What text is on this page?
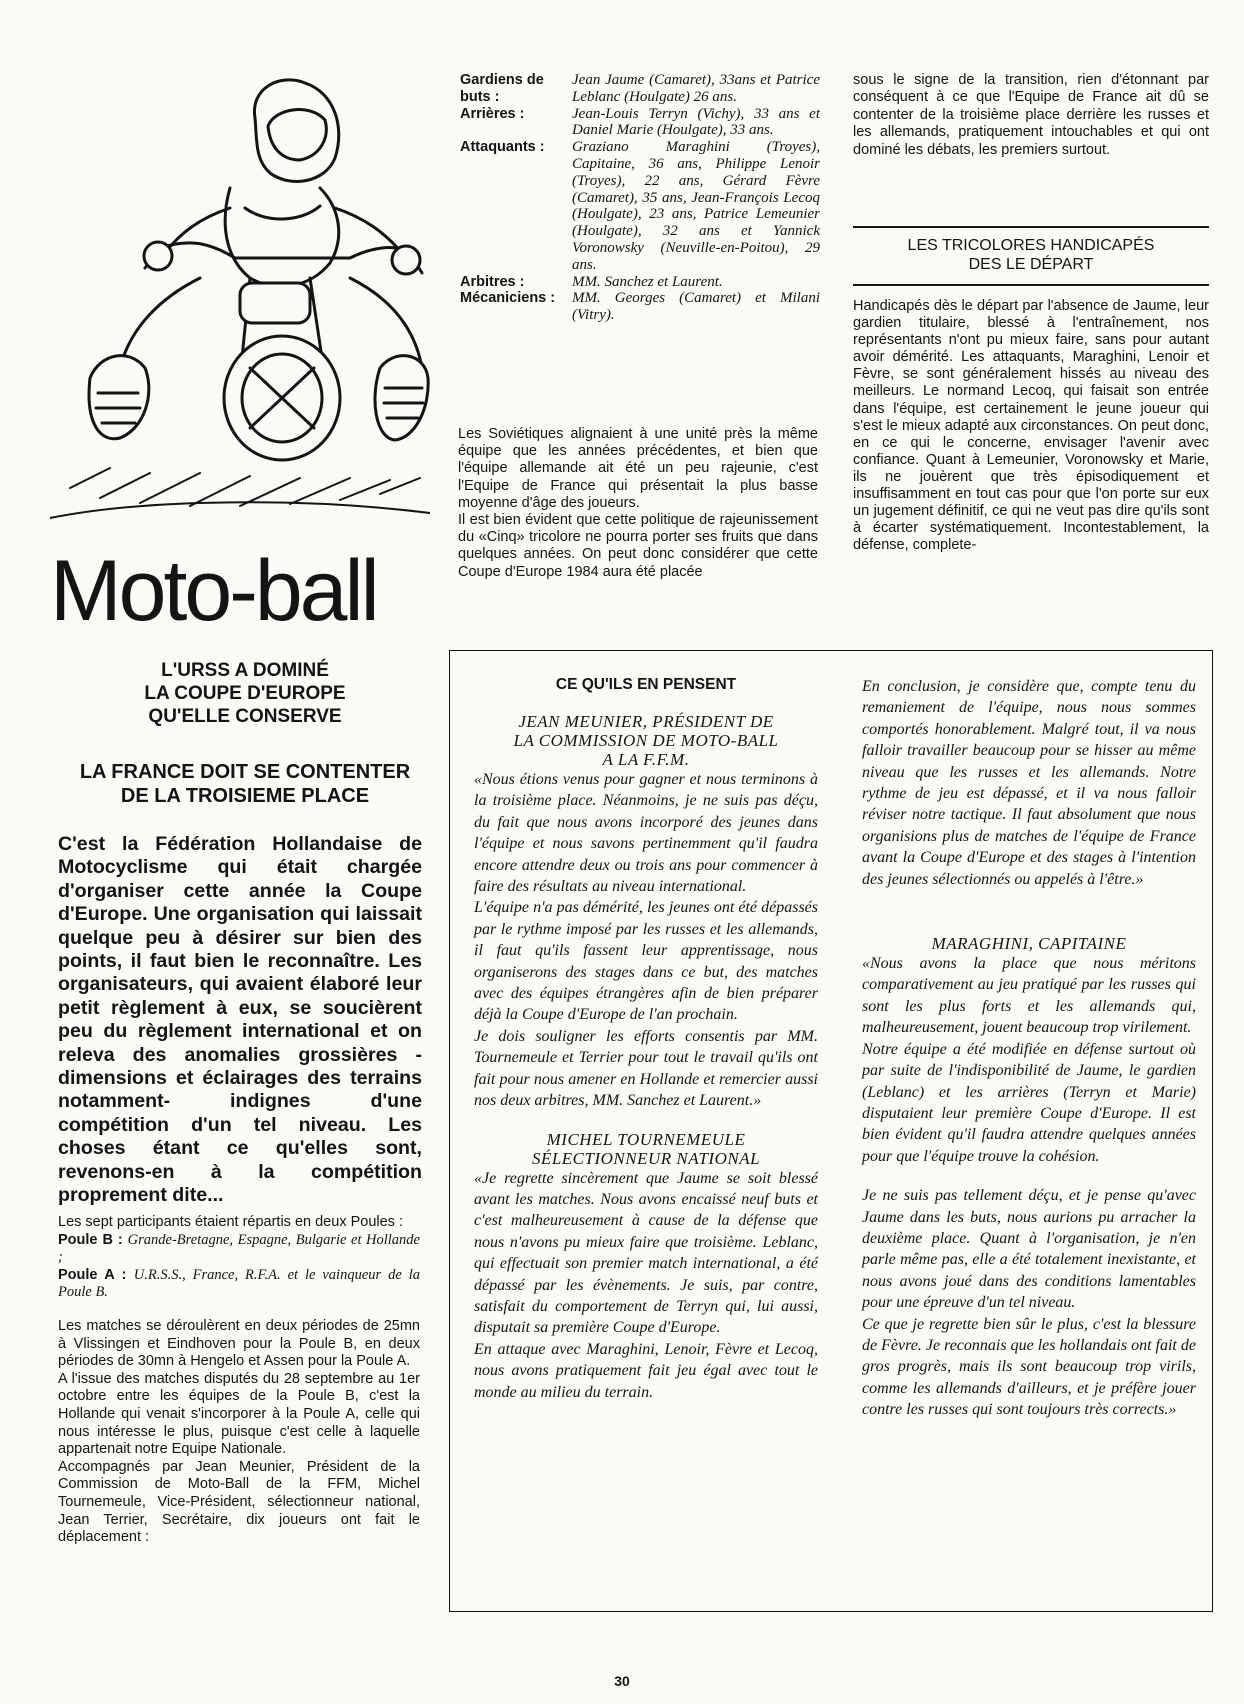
Moto-ball
L'URSS A DOMINÉ
LA COUPE D'EUROPE
QU'ELLE CONSERVE
LA FRANCE DOIT SE CONTENTER
DE LA TROISIEME PLACE

C'est la Fédération Hollandaise de Motocyclisme qui était chargée d'organiser cette année la Coupe d'Europe. Une organisation qui laissait quelque peu à désirer sur bien des points, il faut bien le reconnaître. Les organisateurs, qui avaient élaboré leur petit règlement à eux, se soucièrent peu du règlement international et on releva des anomalies grossières -dimensions et éclairages des terrains notamment- indignes d'une compétition d'un tel niveau. Les choses étant ce qu'elles sont, revenons-en à la compétition proprement dite...

Les sept participants étaient répartis en deux Poules :

Poule B : Grande-Bretagne, Espagne, Bulgarie et Hollande ;

Poule A : U.R.S.S., France, R.F.A. et le vainqueur de la Poule B.

Les matches se déroulèrent en deux périodes de 25mn à Vlissingen et Eindhoven pour la Poule B, en deux périodes de 30mn à Hengelo et Assen pour la Poule A.

A l'issue des matches disputés du 28 septembre au 1er octobre entre les équipes de la Poule B, c'est la Hollande qui venait s'incorporer à la Poule A, celle qui nous intéresse le plus, puisque c'est celle à laquelle appartenait notre Equipe Nationale.

Accompagnés par Jean Meunier, Président de la Commission de Moto-Ball de la FFM, Michel Tournemeule, Vice-Président, sélectionneur national, Jean Terrier, Secrétaire, dix joueurs ont fait le déplacement :

Gardiens de buts :
Jean Jaume (Camaret), 33ans et Patrice Leblanc (Houlgate) 26 ans.
Arrières :	Jean-Louis Terryn (Vichy), 33 ans et Daniel Marie (Houlgate), 33 ans.
Attaquants :	Graziano Maraghini (Troyes), Capitaine, 36 ans, Philippe Lenoir (Troyes), 22 ans, Gérard Fèvre (Camaret), 35 ans, Jean-François Lecoq (Houlgate), 23 ans, Patrice Lemeunier (Houlgate), 32 ans et Yannick Voronowsky (Neuville-en-Poitou), 29 ans.
Arbitres :	MM. Sanchez et Laurent.
Mécaniciens :	MM. Georges (Camaret) et Milani (Vitry).

Les Soviétiques alignaient à une unité près la même équipe que les années précédentes, et bien que l'équipe allemande ait été un peu rajeunie, c'est l'Equipe de France qui présentait la plus basse moyenne d'âge des joueurs.

Il est bien évident que cette politique de rajeunissement du «Cinq» tricolore ne pourra porter ses fruits que dans quelques années. On peut donc considérer que cette Coupe d'Europe 1984 aura été placée

sous le signe de la transition, rien d'étonnant par conséquent à ce que l'Equipe de France ait dû se contenter de la troisième place derrière les russes et les allemands, pratiquement intouchables et qui ont dominé les débats, les premiers surtout.

LES TRICOLORES HANDICAPÉS
DES LE DÉPART

Handicapés dès le départ par l'absence de Jaume, leur gardien titulaire, blessé à l'entraînement, nos représentants n'ont pu mieux faire, sans pour autant avoir démérité. Les attaquants, Maraghini, Lenoir et Fèvre, se sont généralement hissés au niveau des meilleurs. Le normand Lecoq, qui faisait son entrée dans l'équipe, est certainement le jeune joueur qui s'est le mieux adapté aux circonstances. On peut donc, en ce qui le concerne, envisager l'avenir avec confiance. Quant à Lemeunier, Voronowsky et Marie, ils ne jouèrent que très épisodiquement et insuffisamment en tout cas pour que l'on porte sur eux un jugement définitif, ce qui ne veut pas dire qu'ils sont à écarter systématiquement. Incontestablement, la défense, complete-

CE QU'ILS EN PENSENT
JEAN MEUNIER, PRÉSIDENT DE
LA COMMISSION DE MOTO-BALL
A LA F.F.M.

«Nous étions venus pour gagner et nous terminons à la troisième place. Néanmoins, je ne suis pas déçu, du fait que nous avons incorporé des jeunes dans l'équipe et nous savons pertinemment qu'il faudra encore attendre deux ou trois ans pour commencer à faire des résultats au niveau international.

L'équipe n'a pas démérité, les jeunes ont été dépassés par le rythme imposé par les russes et les allemands, il faut qu'ils fassent leur apprentissage, nous organiserons des stages dans ce but, des matches avec des équipes étrangères afin de bien préparer déjà la Coupe d'Europe de l'an prochain.

Je dois souligner les efforts consentis par MM. Tournemeule et Terrier pour tout le travail qu'ils ont fait pour nous amener en Hollande et remercier aussi nos deux arbitres, MM. Sanchez et Laurent.»

MICHEL TOURNEMEULE
SÉLECTIONNEUR NATIONAL

«Je regrette sincèrement que Jaume se soit blessé avant les matches. Nous avons encaissé neuf buts et c'est malheureusement à cause de la défense que nous n'avons pu mieux faire que troisième. Leblanc, qui effectuait son premier match international, a été dépassé par les évènements. Je suis, par contre, satisfait du comportement de Terryn qui, lui aussi, disputait sa première Coupe d'Europe.

En attaque avec Maraghini, Lenoir, Fèvre et Lecoq, nous avons pratiquement fait jeu égal avec tout le monde au milieu du terrain.

En conclusion, je considère que, compte tenu du remaniement de l'équipe, nous nous sommes comportés honorablement. Malgré tout, il va nous falloir travailler beaucoup pour se hisser au même niveau que les russes et les allemands. Notre rythme de jeu est dépassé, et il va nous falloir réviser notre tactique. Il faut absolument que nous organisions plus de matches de l'équipe de France avant la Coupe d'Europe et des stages à l'intention des jeunes sélectionnés ou appelés à l'être.»

MARAGHINI, CAPITAINE

«Nous avons la place que nous méritons comparativement au jeu pratiqué par les russes qui sont les plus forts et les allemands qui, malheureusement, jouent beaucoup trop virilement.

Notre équipe a été modifiée en défense surtout où par suite de l'indisponibilité de Jaume, le gardien (Leblanc) et les arrières (Terryn et Marie) disputaient leur première Coupe d'Europe. Il est bien évident qu'il faudra attendre quelques années pour que l'équipe trouve la cohésion.

Je ne suis pas tellement déçu, et je pense qu'avec Jaume dans les buts, nous aurions pu arracher la deuxième place. Quant à l'organisation, je n'en parle même pas, elle a été totalement inexistante, et nous avons joué dans des conditions lamentables pour une épreuve d'un tel niveau.

Ce que je regrette bien sûr le plus, c'est la blessure de Fèvre. Je reconnais que les hollandais ont fait de gros progrès, mais ils sont beaucoup trop virils, comme les allemands d'ailleurs, et je préfère jouer contre les russes qui sont toujours très corrects.»

30
